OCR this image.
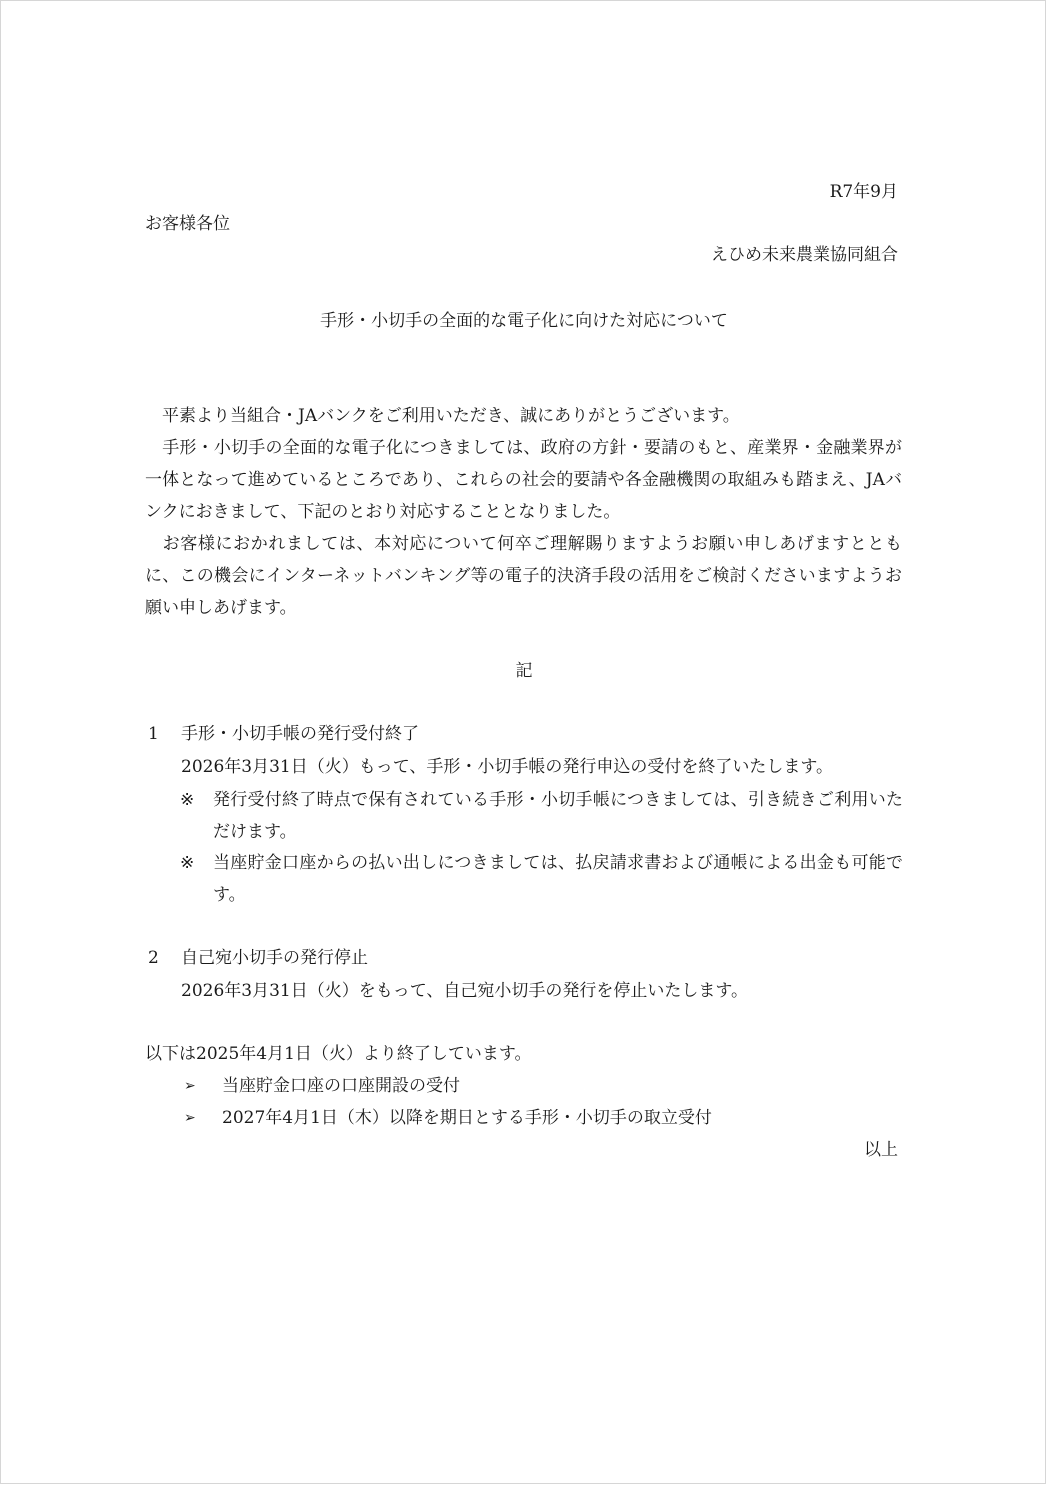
R7年9月
お客様各位
えひめ未来農業協同組合
手形・小切手の全面的な電子化に向けた対応について
平素より当組合・JAバンクをご利用いただき、誠にありがとうございます。
手形・小切手の全面的な電子化につきましては、政府の方針・要請のもと、産業界・金融業界が一体となって進めているところであり、これらの社会的要請や各金融機関の取組みも踏まえ、JAバンクにおきまして、下記のとおり対応することとなりました。
お客様におかれましては、本対応について何卒ご理解賜りますようお願い申しあげますとともに、この機会にインターネットバンキング等の電子的決済手段の活用をご検討くださいますようお願い申しあげます。
記
1 手形・小切手帳の発行受付終了
2026年3月31日（火）もって、手形・小切手帳の発行申込の受付を終了いたします。
※ 発行受付終了時点で保有されている手形・小切手帳につきましては、引き続きご利用いただけます。
※ 当座貯金口座からの払い出しにつきましては、払戻請求書および通帳による出金も可能です。
2 自己宛小切手の発行停止
2026年3月31日（火）をもって、自己宛小切手の発行を停止いたします。
以下は2025年4月1日（火）より終了しています。
➢ 当座貯金口座の口座開設の受付
➢ 2027年4月1日（木）以降を期日とする手形・小切手の取立受付
以上
